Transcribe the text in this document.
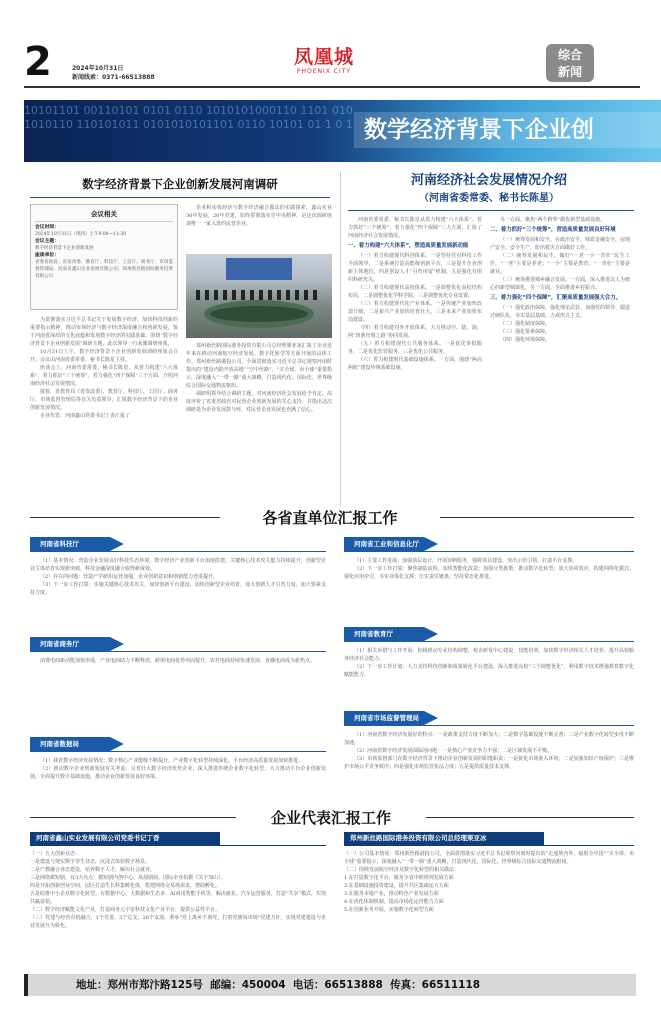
2	2024年10月31日
新闻线索：0371-66513888
凤凰城
PHOENIX CITY
综合
新闻
10101101 00110101 0101 0110 1010101000110 1101 0101010110 110101011 0101010101101 0110 10101 01 1 0 1 数学经济背景下企业创
数字经济背景下企业创新发展河南调研
会议相关
会议时间：
2024年10月31日（周四）上午9:00—11:30
会议主题：
数字经济背景下企业创新发展
座谈单位：
省委省政府、省发改委、教育厅、科技厅、工信厅、商务厅、市场监督管理局、河南省鑫山实业发展有限公司、郑州新丝路国际港务投资有限公司
为贯彻落实习近平总书记关于发展数字经济，加快科技创新的重要指示精神，推动市场经济与数字经济深度融合和创新发展，鉴于河南省深厚的文化底蕴和发展数字经济的实践基础，围绕“数字经济背景下企业创新发展”调研主题，此次领导一行来豫调研座谈。
10月31日上午，数字经济背景下企业创新发展调研座谈会召开。会议由河南省委常委、秘书长陈星主持。
座谈会上，河南省委常委、秘书长陈星，从着力构建“六大体系”，着力抓好“三个统筹”，着力强化“四个保障”三个方面，介绍河南经济社会发展情况。
接着，省教育局（省发改委），教育厅、科技厅、工信厅、商务厅、市场监督管理局等有关负责领导，汇报数字经济背景下的企业创新发展情况。
企业代表、河南鑫山党委书记丁香汇报了
企业积实体经济与数字经济融合做法的实践探索。鑫山实业30年发展，20年党建，始终贯彻落实党中央精神，是这次调研座谈唯一一家入选的民营企业。
郑州新丝路国际港务投资有限公司总经理栗亚冰汇报了企业近年来在推动河南航空经济发展、数字化转型等方面开展的具体工作。郑州新丝路港投公司，全面贯彻落实习近平总书记视察河南时提出的“建设内陆开放高地”“空中丝路”、“买全球、卖全球”重要指示，深度融入“一带一路”重大战略，打造现代化、国际化、世界级综合国际交通物流枢纽。
调研组领导结合调研主题，对河南经济社会发展给予肯定，高度评价了省委省政府对民营企业创新发展的关心支持，并指出这次调研是为企业发展鼓与呼，对民营企业发展也充满了信心。
河南经济社会发展情况介绍
（河南省委常委、秘书长陈星）
河南省委常委、秘书长陈星从着力构建“六大体系”、着力抓好“三个统筹”，着力强化“四个保障”三大方面，汇报了河南经济社会发展情况。
一、着力构建“六大体系”，塑造高质量发展新动能
（一）着力构建现代科创体系。一是坚持党对科技工作全面领导，二是系统打造高能级创新平台，三是提升企业创新主体地位，四是创设人才“引育用留”机制，五是强化有组织科研攻关。
（二）着力构建现代高校体系。一是调整优化高校结构布局，二是调整优化学科学院，三是调整优化专业设置。
（三）着力构建现代化产业体系。一是传统产业加快改造升级，二是新兴产业加快培育壮大，三是未来产业加快布局建设。
（四）着力构建对外开放体系。大力推动空、陆、海、网“四条丝绸之路”协同发展。
（五）着力构建现代公共服务体系。一是优化审批服务，二是优化监管服务，三是优化公共服务。
（六）着力构建现代基础设施体系。一方面，围绕“两高两航”建设传统基础设施，
另一方面，聚焦“两个跨界”做优新型基础设施。
二、着力抓好“三个统筹”，营造高质量发展良好环境
（一）统筹发展和安全。在政治安全、财政金融安全、房地产安全、安全生产、防汛救灾方面做好工作。
（二）统筹发展和民生。做好“一老一小一青壮”民生工作，“一老”主要是养老；“一小”主要是教育；“一青壮”主要是就业。
（三）统筹推进城乡融合发展。一方面，深入推进以人为核心的新型城镇化，另一方面，全面推进乡村振兴。
三、着力强化“四个保障”，汇聚高质量发展强大合力。
（一）强化政治保障。强化理论武装、加强党的领导、锻造过硬队伍，夯实基层基础，力戒形式主义。
（二）强化制度保障。
（三）强化要素保障。
（四）强化环境保障。
各省直单位汇报工作
河南省科技厅
（1）基本情况：营造企业发展良好科技生态环境，数字经济产业创新平台加速搭建，关键核心技术攻关能力持续提升，创新型企业主体培育实现新突破，科技金融深度融合取得新成效。
（2）存在的问题：营造产学研用运营加强，企业创新意识和创新能力还需提升。
（3）下一步工作打算：实施关键核心技术攻关，加快创新平台建设，加快创新型企业培育，加大创新人才引育力度，加大要素支持力度。
河南省商务厅
消费电商新动能加快形成，产业电商助力不断释放，跨境电商优势巩固提升，农村电商持续快速发展，直播电商成为新热点。
河南省数据局
（1）我省数字经济发展情况：数字核心产业能级不断提升，产业数字化转型持续深化，平台经济高质量发展加快推进。
（2）推动数字企业创新发展有关考虑：引育壮大数字经济优势企业，深入推进传统企业数字化转型，大力推动平台企业创新发展，全面提升数字基础设施，推动企业创新发展良好环境。
河南省工业和信息化厅
（1）主要工作进展：加强顶层设计，开展诊断服务，强将项目建设，突出示范引领，打造平台支撑。
（2）下一步工作打算：聚焦制造流程，加快智能化改造；加强分类施策，推动数字化转型；放大协同效应，构建网络化模式；强化应用牵引，夯实业体化支撑；压实责任链条，坚持常态化推进。
河南省教育厅
（1）相关举措与工作开展：积极推动专业结构调整，校企研发中心建设，技能培训，加快数字经济相关人才培养，提升高校服务经济社会能力。
（2）下一步工作计划：大力支持科技创新和成果转化平台建设，深入推进高校“三个调整优化”，利用数字技术增强教育数字化赋能能力。
河南省市场监督管理局
（1）河南省数字经济发展好的特点：一是政策支持力度不断加大；二是数字基础设施不断完善；三是产业数字化转型步伐不断加速。
（2）河南省数字经济发展面临的问题：一是核心产业竞争力不强；二是区域发展不平衡。
（3）市场监督部门在数字经济背景下推动企业创新发展的职能职责：一是优化市场准入环境；二是加强知识产权保护；三是维护市场公平竞争秩序；四是强化市场监管执法力度；五是提供质量技术支撑。
企业代表汇报工作
河南省鑫山实业发展有限公司党委书记丁香
（一）五大创新业态：
一是建设与现实数字孪生业态，沉浸式体验数字场景。
二是产教融合业态建设，培养数字人才，解决社会就业。
三是网络微短剧，有3大亮点：微短剧内创中心、凤凰剧商、国际企业拍摄《关于加山》。
四是开拓创新创业空间，园区打造生长科集孵化体，搭建网络交易场需求，增助孵化。
五是助推中小企业数字化转型，有数据中心、大数据和生态多、AI商用智能手机等，解决就业、汽车运营服务，打造“共享”模式，实现共赢富裕。
（二）数字经济赋能文化产业，打造商务元宇宙科技文化产业平台，提供公益性平台。
（三）党建与经营有机融合，1个党委、3个总支、26个支部，秉承“党上离乡不离党，打着党旗闯市场”党建方针，实现党建建设与企业发展互为转化。
郑州新丝路国际港务投资有限公司总经理栗亚冰
（一）公司基本情况：郑州新丝路港投公司，全面贯彻落实习近平总书记视察河南时提出的“走通境内外，辐射全中国”“买全球、卖全球”重要指示，深度融入“一带一路”重大战略，打造现代化、国际化、世界级综合国际交通物流枢纽。
（二）围绕发展航空经济及数字化转型的相关做法：
1.在打造数字化平台、服务全省中欧班列发展方面
2.在基础设施投资建设，提升共区集疏运力方面
3.在服务本地产业，推动特色产业发展方面
4.在优化体制机制，提高市场化运营能力方面
5.在创新业务开展，实施数字化转型方面
地址：郑州市郑汴路125号  邮编：450004  电话：66513888  传真：66511118
